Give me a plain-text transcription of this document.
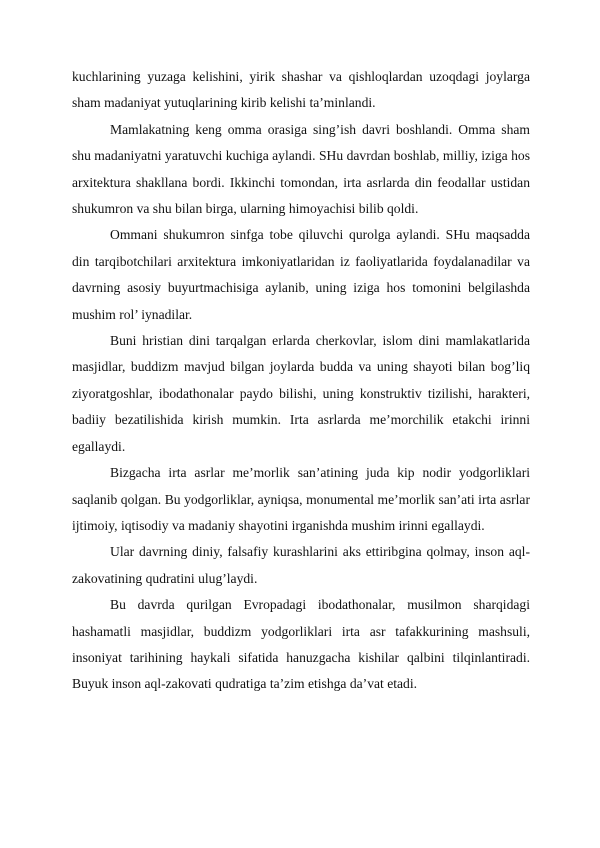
kuchlarining yuzaga kelishini, yirik shashar va qishloqlardan uzoqdagi joylarga sham madaniyat yutuqlarining kirib kelishi ta’minlandi.

Mamlakatning keng omma orasiga sing’ish davri boshlandi. Omma sham shu madaniyatni yaratuvchi kuchiga aylandi. SHu davrdan boshlab, milliy, iziga hos arxitektura shakllana bordi. Ikkinchi tomondan, irta asrlarda din feodallar ustidan shukumron va shu bilan birga, ularning himoyachisi bilib qoldi.

Ommani shukumron sinfga tobe qiluvchi qurolga aylandi. SHu maqsadda din tarqibotchilari arxitektura imkoniyatlaridan iz faoliyatlarida foydalanadilar va davrning asosiy buyurtmachisiga aylanib, uning iziga hos tomonini belgilashda mushim rol’ iynadilar.

Buni hristian dini tarqalgan erlarda cherkovlar, islom dini mamlakatlarida masjidlar, buddizm mavjud bilgan joylarda budda va uning shayoti bilan bog’liq ziyoratgoshlar, ibodathonalar paydo bilishi, uning konstruktiv tizilishi, harakteri, badiiy bezatilishida kirish mumkin. Irta asrlarda me’morchilik etakchi irinni egallaydi.

Bizgacha irta asrlar me’morlik san’atining juda kip nodir yodgorliklari saqlanib qolgan. Bu yodgorliklar, ayniqsa, monumental me’morlik san’ati irta asrlar ijtimoiy, iqtisodiy va madaniy shayotini irganishda mushim irinni egallaydi.

Ular davrning diniy, falsafiy kurashlarini aks ettiribgina qolmay, inson aql-zakovatining qudratini ulug’laydi.

Bu davrda qurilgan Evropadagi ibodathonalar, musilmon sharqidagi hashamatli masjidlar, buddizm yodgorliklari irta asr tafakkurining mashsuli, insoniyat tarihining haykali sifatida hanuzgacha kishilar qalbini tilqinlantiradi. Buyuk inson aql-zakovati qudratiga ta’zim etishga da’vat etadi.
